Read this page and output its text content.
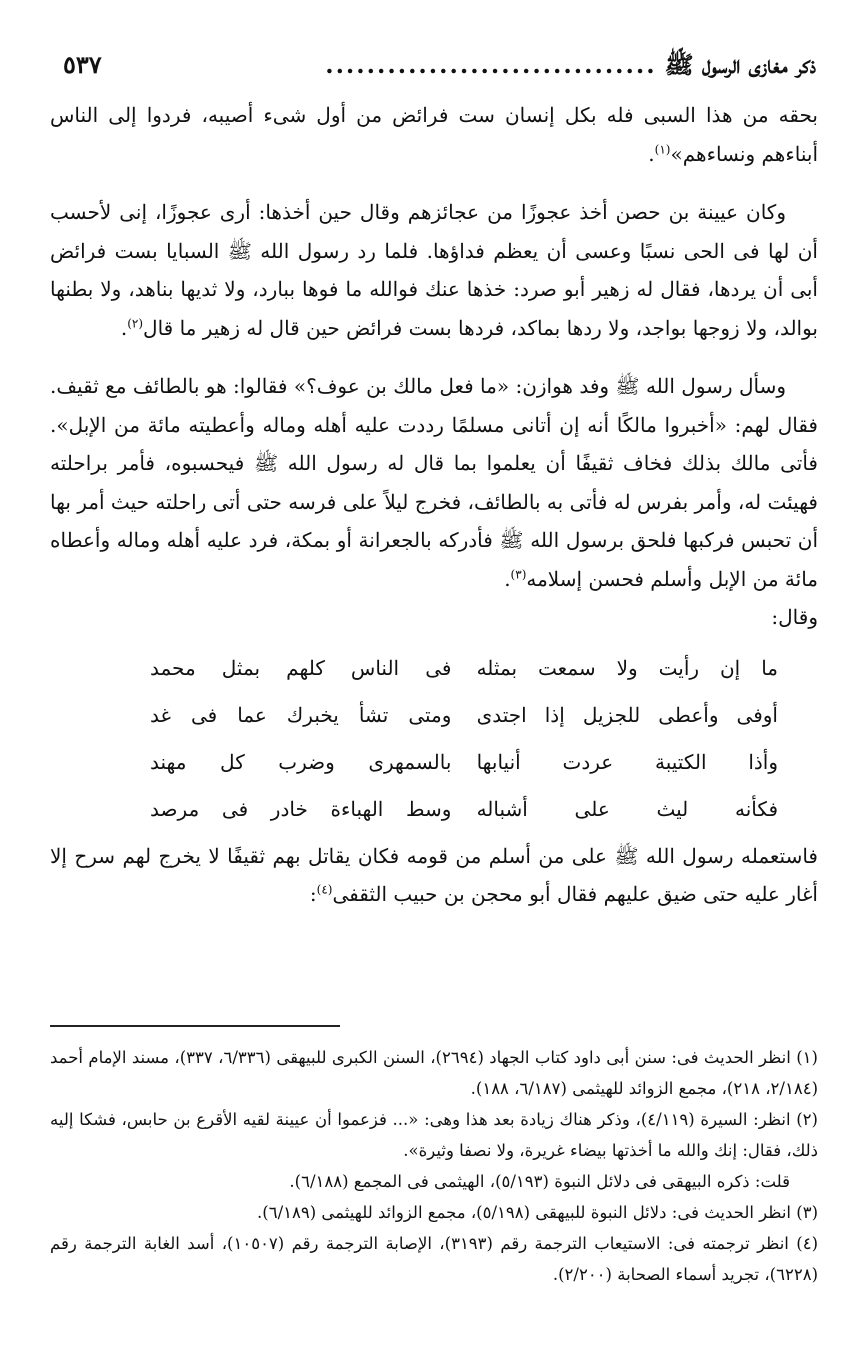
ذكر مغازى الرسول ﷺ
................................
٥٣٧

بحقه من هذا السبى فله بكل إنسان ست فرائض من أول شىء أصيبه، فردوا إلى الناس أبناءهم ونساءهم»$^{(١)}$.

وكان عيينة بن حصن أخذ عجوزًا من عجائزهم وقال حين أخذها: أرى عجوزًا، إنى لأحسب أن لها فى الحى نسبًا وعسى أن يعظم فداؤها. فلما رد رسول الله ﷺ السبايا بست فرائض أبى أن يردها، فقال له زهير أبو صرد: خذها عنك فوالله ما فوها ببارد، ولا ثديها بناهد، ولا بطنها بوالد، ولا زوجها بواجد، ولا ردها بماكد، فردها بست فرائض حين قال له زهير ما قال$^{(٢)}$.

وسأل رسول الله ﷺ وفد هوازن: «ما فعل مالك بن عوف؟» فقالوا: هو بالطائف مع ثقيف. فقال لهم: «أخبروا مالكًا أنه إن أتانى مسلمًا رددت عليه أهله وماله وأعطيته مائة من الإبل». فأتى مالك بذلك فخاف ثقيفًا أن يعلموا بما قال له رسول الله ﷺ فيحسبوه، فأمر براحلته فهيئت له، وأمر بفرس له فأتى به بالطائف، فخرج ليلاً على فرسه حتى أتى راحلته حيث أمر بها أن تحبس فركبها فلحق برسول الله ﷺ فأدركه بالجعرانة أو بمكة، فرد عليه أهله وماله وأعطاه مائة من الإبل وأسلم فحسن إسلامه$^{(٣)}$.

وقال:

ما إن رأيت ولا سمعت بمثله
فى الناس كلهم بمثل محمد
أوفى وأعطى للجزيل إذا اجتدى
ومتى تشأ يخبرك عما فى غد
وأذا الكتيبة عردت أنيابها
بالسمهرى وضرب كل مهند
فكأنه ليث على أشباله
وسط الهباءة خادر فى مرصد

فاستعمله رسول الله ﷺ على من أسلم من قومه فكان يقاتل بهم ثقيفًا لا يخرج لهم سرح إلا أغار عليه حتى ضيق عليهم فقال أبو محجن بن حبيب الثقفى$^{(٤)}$:

(١) انظر الحديث فى: سنن أبى داود كتاب الجهاد (٢٦٩٤)، السنن الكبرى للبيهقى (٦/٣٣٦، ٣٣٧)، مسند الإمام أحمد (٢/١٨٤، ٢١٨)، مجمع الزوائد للهيثمى (٦/١٨٧، ١٨٨).

(٢) انظر: السيرة (٤/١١٩)، وذكر هناك زيادة بعد هذا وهى: «... فزعموا أن عيينة لقيه الأقرع بن حابس، فشكا إليه ذلك، فقال: إنك والله ما أخذتها بيضاء غريرة، ولا نصفا وثيرة».

قلت: ذكره البيهقى فى دلائل النبوة (٥/١٩٣)، الهيثمى فى المجمع (٦/١٨٨).

(٣) انظر الحديث فى: دلائل النبوة للبيهقى (٥/١٩٨)، مجمع الزوائد للهيثمى (٦/١٨٩).

(٤) انظر ترجمته فى: الاستيعاب الترجمة رقم (٣١٩٣)، الإصابة الترجمة رقم (١٠٥٠٧)، أسد الغابة الترجمة رقم (٦٢٢٨)، تجريد أسماء الصحابة (٢/٢٠٠).
